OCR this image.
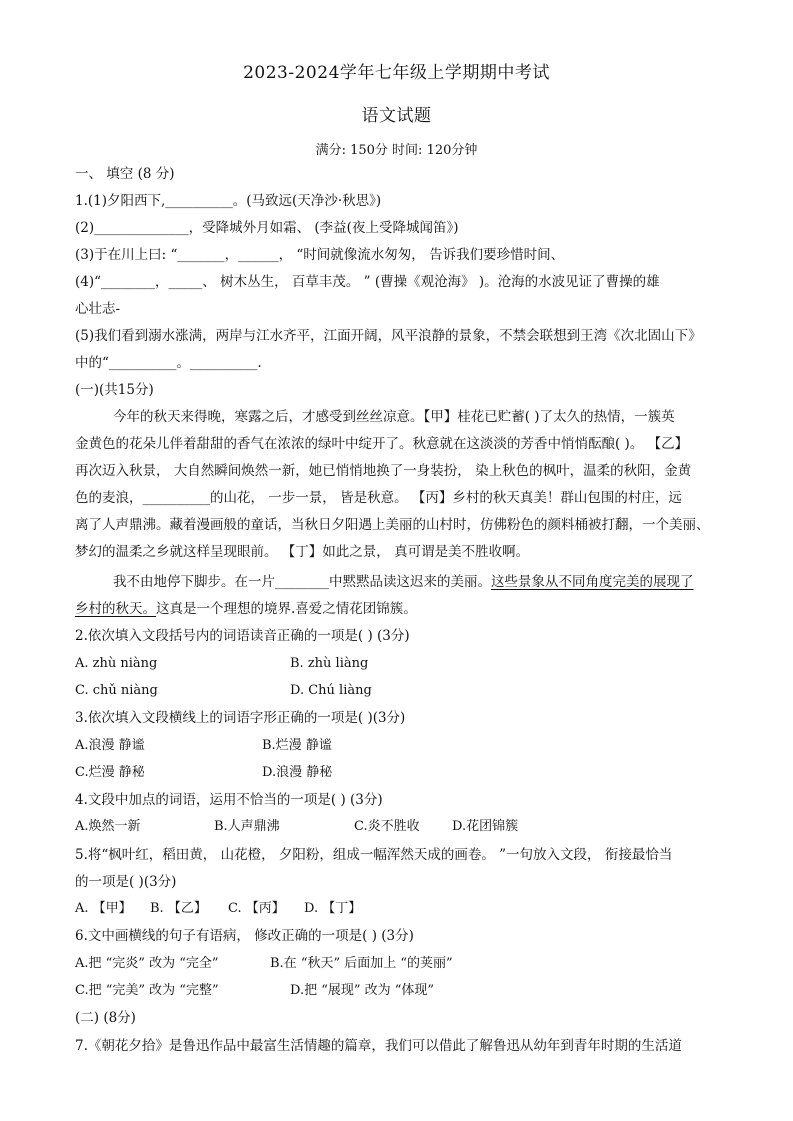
2023-2024学年七年级上学期期中考试
语文试题
满分: 150分 时间: 120分钟
一、 填空 (8 分)
1.(1)夕阳西下,__________。(马致远(天净沙·秋思》)
(2)______________，受降城外月如霜、 (李益(夜上受降城闻笛》)
(3)于在川上曰: “_______，______， “时间就像流水匆匆， 告诉我们要珍惜时间、
(4)“________，_____、 树木丛生， 百草丰茂。 ” (曹操《观沧海》 )。沧海的水波见证了曹操的雄
心壮志-
(5)我们看到溺水涨满，两岸与江水齐平，江面开阔，风平浪静的景象，不禁会联想到王湾《次北固山下》
中的“__________。__________.
(一)(共15分)
今年的秋天来得晚，寒露之后，才感受到丝丝凉意。【甲】桂花已贮蓄( )了太久的热情，一簇英
金黄色的花朵儿伴着甜甜的香气在浓浓的绿叶中绽开了。秋意就在这淡淡的芳香中悄悄酝酿( )。 【乙】
再次迈入秋景， 大自然瞬间焕然一新，她已悄悄地换了一身装扮， 染上秋色的枫叶，温柔的秋阳，金黄
色的麦浪，__________的山花， 一步一景， 皆是秋意。 【丙】乡村的秋天真美！群山包围的村庄，远
离了人声鼎沸。藏着漫画般的童话，当秋日夕阳遇上美丽的山村时，仿佛粉色的颜料桶被打翻，一个美丽、
梦幻的温柔之乡就这样呈现眼前。 【丁】如此之景， 真可谓是美不胜收啊。
我不由地停下脚步。在一片________中黙黙品读这迟来的美丽。这些景象从不同角度完美的展现了
乡村的秋天。这真是一个理想的境界.喜爱之情花团锦簇。
2.依次填入文段括号内的词语读音正确的一项是( ) (3分)
A. zhù niàng	B. zhù liàng
C. chǔ niàng	D. Chú liàng
3.依次填入文段横线上的词语字形正确的一项是( )(3分)
A.浪漫 静谧	B.烂漫 静谧
C.烂漫 静秘	D.浪漫 静秘
4.文段中加点的词语，运用不恰当的一项是( ) (3分)
A.焕然一新	B.人声鼎沸	C.炎不胜收 D.花团锦簇
5.将“枫叶红，稻田黄， 山花橙， 夕阳粉，组成一幅浑然天成的画卷。 ”一句放入文段， 衔接最恰当
的一项是( )(3分)
A. 【甲】 B. 【乙】 C. 【丙】 D. 【丁】
6.文中画横线的句子有语病， 修改正确的一项是( ) (3分)
A.把 “完炎” 改为 “完全”	B.在 “秋天” 后面加上 “的荚丽”
C.把 “完美” 改为 “完整”	D.把 “展现” 改为 “体现”
(二) (8分)
7.《朝花夕拾》是鲁迅作品中最富生活情趣的篇章，我们可以借此了解鲁迅从幼年到青年时期的生活道
